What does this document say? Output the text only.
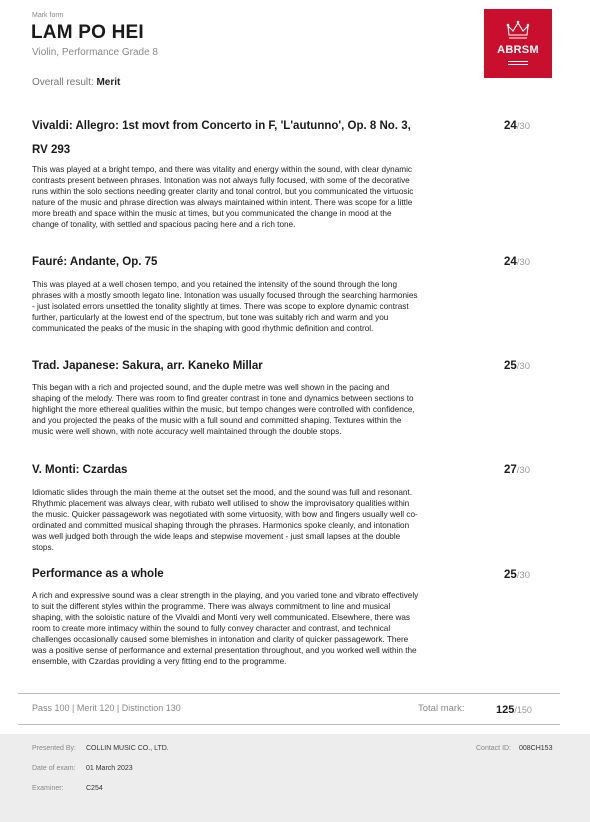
Mark form
LAM PO HEI
Violin, Performance Grade 8
Overall result: Merit
ABRSM
Vivaldi: Allegro: 1st movt from Concerto in F, 'L'autunno', Op. 8 No. 3,
RV 293
24/30

This was played at a bright tempo, and there was vitality and energy within the sound, with clear dynamic contrasts present between phrases. Intonation was not always fully focused, with some of the decorative runs within the solo sections needing greater clarity and tonal control, but you communicated the virtuosic nature of the music and phrase direction was always maintained within intent. There was scope for a little more breath and space within the music at times, but you communicated the change in mood at the change of tonality, with settled and spacious pacing here and a rich tone.

Fauré: Andante, Op. 75	24/30

This was played at a well chosen tempo, and you retained the intensity of the sound through the long phrases with a mostly smooth legato line. Intonation was usually focused through the searching harmonies - just isolated errors unsettled the tonality slightly at times. There was scope to explore dynamic contrast further, particularly at the lowest end of the spectrum, but tone was suitably rich and warm and you communicated the peaks of the music in the shaping with good rhythmic definition and control.

Trad. Japanese: Sakura, arr. Kaneko Millar	25/30

This began with a rich and projected sound, and the duple metre was well shown in the pacing and shaping of the melody. There was room to find greater contrast in tone and dynamics between sections to highlight the more ethereal qualities within the music, but tempo changes were controlled with confidence, and you projected the peaks of the music with a full sound and committed shaping. Textures within the music were well shown, with note accuracy well maintained through the double stops.

V. Monti: Czardas	27/30

Idiomatic slides through the main theme at the outset set the mood, and the sound was full and resonant. Rhythmic placement was always clear, with rubato well utilised to show the improvisatory qualities within the music. Quicker passagework was negotiated with some virtuosity, with bow and fingers usually well co-ordinated and committed musical shaping through the phrases. Harmonics spoke cleanly, and intonation was well judged both through the wide leaps and stepwise movement - just small lapses at the double stops.

Performance as a whole	25/30

A rich and expressive sound was a clear strength in the playing, and you varied tone and vibrato effectively to suit the different styles within the programme. There was always commitment to line and musical shaping, with the soloistic nature of the Vivaldi and Monti very well communicated. Elsewhere, there was room to create more intimacy within the sound to fully convey character and contrast, and technical challenges occasionally caused some blemishes in intonation and clarity of quicker passagework. There was a positive sense of performance and external presentation throughout, and you worked well within the ensemble, with Czardas providing a very fitting end to the programme.

Pass 100 | Merit 120 | Distinction 130	Total mark:	125/150
Presented By: COLLIN MUSIC CO., LTD.	Contact ID: 008CH153
Date of exam: 01 March 2023
Examiner:	C254
